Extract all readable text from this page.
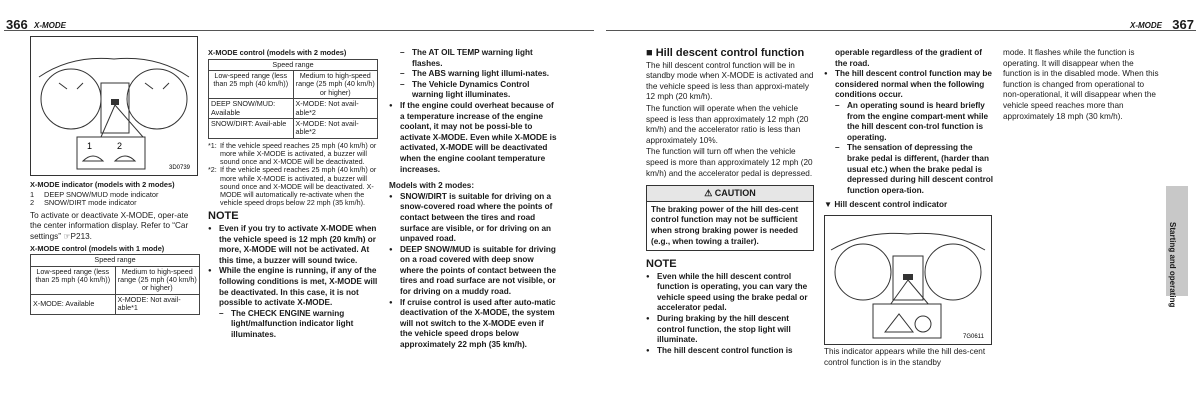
366 X-MODE	X-MODE 367
1	2
3D0739

X-MODE indicator (models with 2 modes)

1 DEEP SNOW/MUD mode indicator
2 SNOW/DIRT mode indicator

To activate or deactivate X-MODE, oper-ate the center information display. Refer to “Car settings” ☞P213.

X-MODE control (models with 1 mode)

Speed range	
Low-speed range (less than 25 mph (40 km/h))	Medium to high-speed range (25 mph (40 km/h) or higher)
X-MODE: Available	X-MODE: Not avail-able*1

X-MODE control (models with 2 modes)

Speed range	
Low-speed range (less than 25 mph (40 km/h))	Medium to high-speed range (25 mph (40 km/h) or higher)
DEEP SNOW/MUD: Available	X-MODE: Not avail-able*2
SNOW/DIRT: Avail-able	X-MODE: Not avail-able*2
*1: If the vehicle speed reaches 25 mph (40 km/h) or more while X-MODE is activated, a buzzer will sound once and X-MODE will be deactivated.
*2: If the vehicle speed reaches 25 mph (40 km/h) or more while X-MODE is activated, a buzzer will sound once and X-MODE will be deactivated. X-MODE will automatically re-activate when the vehicle speed drops below 22 mph (35 km/h).
NOTE
● Even if you try to activate X-MODE when the vehicle speed is 12 mph (20 km/h) or more, X-MODE will not be activated. At this time, a buzzer will sound twice.
● While the engine is running, if any of the following conditions is met, X-MODE will be deactivated. In this case, it is not possible to activate X-MODE.
– The CHECK ENGINE warning light/malfunction indicator light illuminates.
– The AT OIL TEMP warning light flashes.
– The ABS warning light illumi-nates.
– The Vehicle Dynamics Control warning light illuminates.
● If the engine could overheat because of a temperature increase of the engine coolant, it may not be possi-ble to activate X-MODE. Even while X-MODE is activated, X-MODE will be deactivated when the engine coolant temperature increases.

Models with 2 modes:

● SNOW/DIRT is suitable for driving on a snow-covered road where the points of contact between the tires and road surface are visible, or for driving on an unpaved road.
● DEEP SNOW/MUD is suitable for driving on a road covered with deep snow where the points of contact between the tires and road surface are not visible, or for driving on a muddy road.
● If cruise control is used after auto-matic deactivation of the X-MODE, the system will not switch to the X-MODE even if the vehicle speed drops below approximately 22 mph (35 km/h).
■ Hill descent control function

The hill descent control function will be in standby mode when X-MODE is activated and the vehicle speed is less than approxi-mately 12 mph (20 km/h).

The function will operate when the vehicle speed is less than approximately 12 mph (20 km/h) and the accelerator ratio is less than approximately 10%.

The function will turn off when the vehicle speed is more than approximately 12 mph (20 km/h) and the accelerator pedal is depressed.

⚠ CAUTION

The braking power of the hill des-cent control function may not be sufficient when strong braking power is needed (e.g., when towing a trailer).

NOTE
● Even while the hill descent control function is operating, you can vary the vehicle speed using the brake pedal or accelerator pedal.
● During braking by the hill descent control function, the stop light will illuminate.
● The hill descent control function is

operable regardless of the gradient of the road.

● The hill descent control function may be considered normal when the following conditions occur.
– An operating sound is heard briefly from the engine compart-ment while the hill descent con-trol function is operating.
– The sensation of depressing the brake pedal is different, (harder than usual etc.) when the brake pedal is depressed during hill descent control function opera-tion.
▼ Hill descent control indicator
7G0611

This indicator appears while the hill des-cent control function is in the standby

mode. It flashes while the function is operating. It will disappear when the function is in the disabled mode. When this function is changed from operational to non-operational, it will disappear when the vehicle speed reaches more than approximately 18 mph (30 km/h).

Starting and operating
